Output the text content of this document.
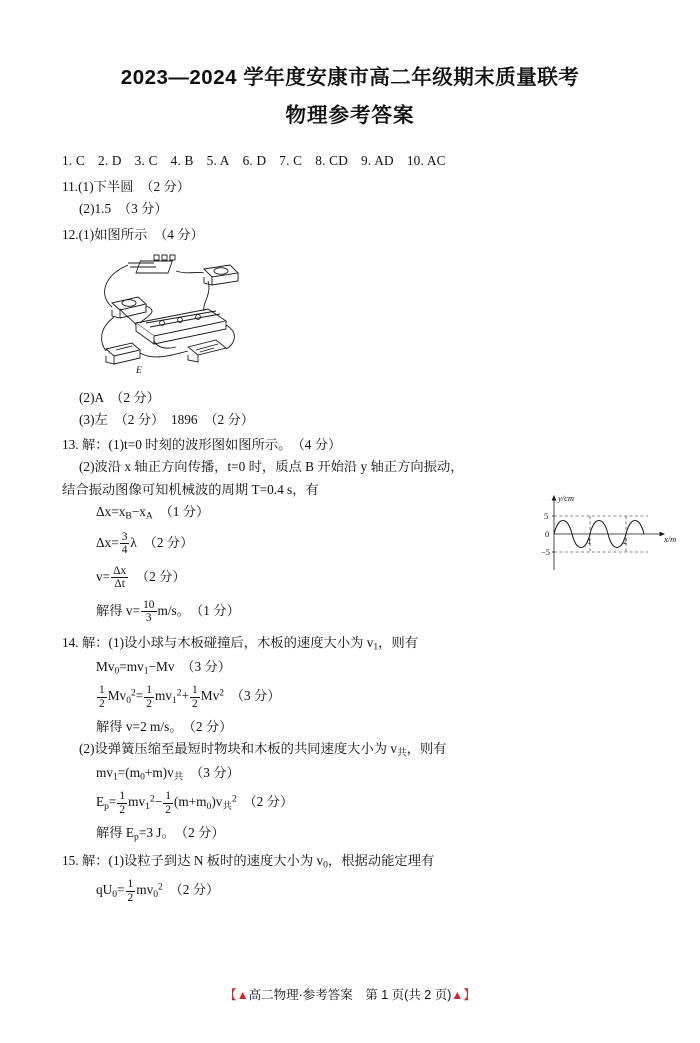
2023—2024 学年度安康市高二年级期末质量联考
物理参考答案
1. C 2. D 3. C 4. B 5. A 6. D 7. C 8. CD 9. AD 10. AC
11.(1)下半圆　（2 分）
(2)1.5　（3 分）
12.(1)如图所示　（4 分）
E
(2)A　（2 分）
(3)左　（2 分）　1896　（2 分）
13. 解：(1)t=0 时刻的波形图如图所示。　（4 分）
(2)波沿 x 轴正方向传播，t=0 时，质点 B 开始沿 y 轴正方向振动，
结合振动图像可知机械波的周期 T=0.4 s，有
$\Delta x=x_B-x_A$　 （1 分）
$\Delta x= \frac{3}{4}$ λ　 （2 分）
$v= \frac{\Delta x}{\Delta t}$
　 （2 分）
解得 $v= \frac{10}{3} m/s$。　 （1 分）
14. 解：(1)设小球与木板碰撞后，木板的速度大小为 $v_1$，则有
$Mv_0=mv_1-Mv$　 （3 分）
$\frac{1}{2} Mv_0^2= \frac{1}{2} mv_1^2+ \frac{1}{2} Mv^2$　 （3 分）
解得 v=2 m/s。　 （2 分）
(2)设弹簧压缩至最短时物块和木板的共同速度大小为 $v_共$，则有
$mv_1=(m_0+m)v_共$　 （3 分）
$E_p= \frac{1}{2} mv_1^2- \frac{1}{2} (m+m_0)v_共^2$　 （2 分）
解得 $E_p=3$ J。　 （2 分）
15. 解：(1)设粒子到达 N 板时的速度大小为 $v_0$，根据动能定理有
$qU_0= \frac{1}{2} mv_0^2$　 （2 分）
y/cm
x/m
5
0
−5
1	2
【▲高二物理·参考答案　第 1 页(共 2 页)▲】
